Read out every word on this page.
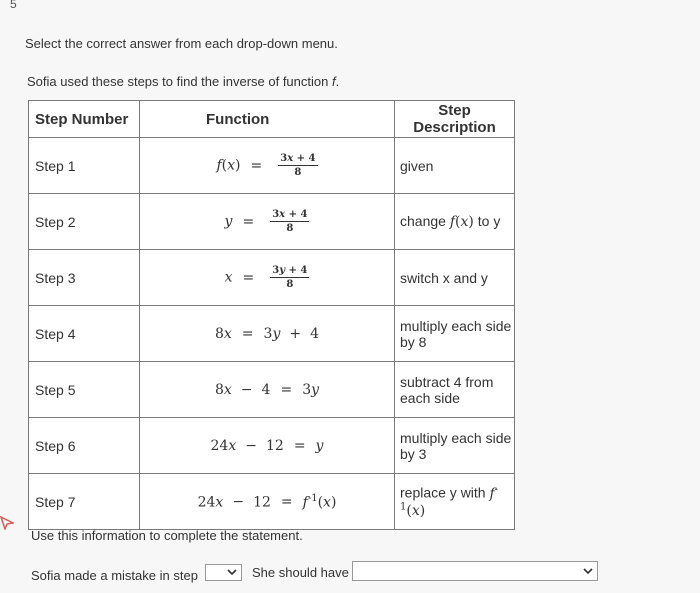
5
Select the correct answer from each drop-down menu.
Sofia used these steps to find the inverse of function f.
Step Number	Function	Step Description
Step 1	$f(x) = \frac{3x + 4}{8}$	given
Step 2	$y = \frac{3x + 4}{8}$	change f(x) to y
Step 3	$x = \frac{3y + 4}{8}$	switch x and y
Step 4	8x = 3y + 4	multiply each side by 8
Step 5	8x − 4 = 3y	subtract 4 from each side
Step 6	24x − 12 = y	multiply each side by 3
Step 7	$24x - 12 = f^{-1}(x)$	replace y with $f^{-1}(x)$
Use this information to complete the statement.
Sofia made a mistake in step	She should have
